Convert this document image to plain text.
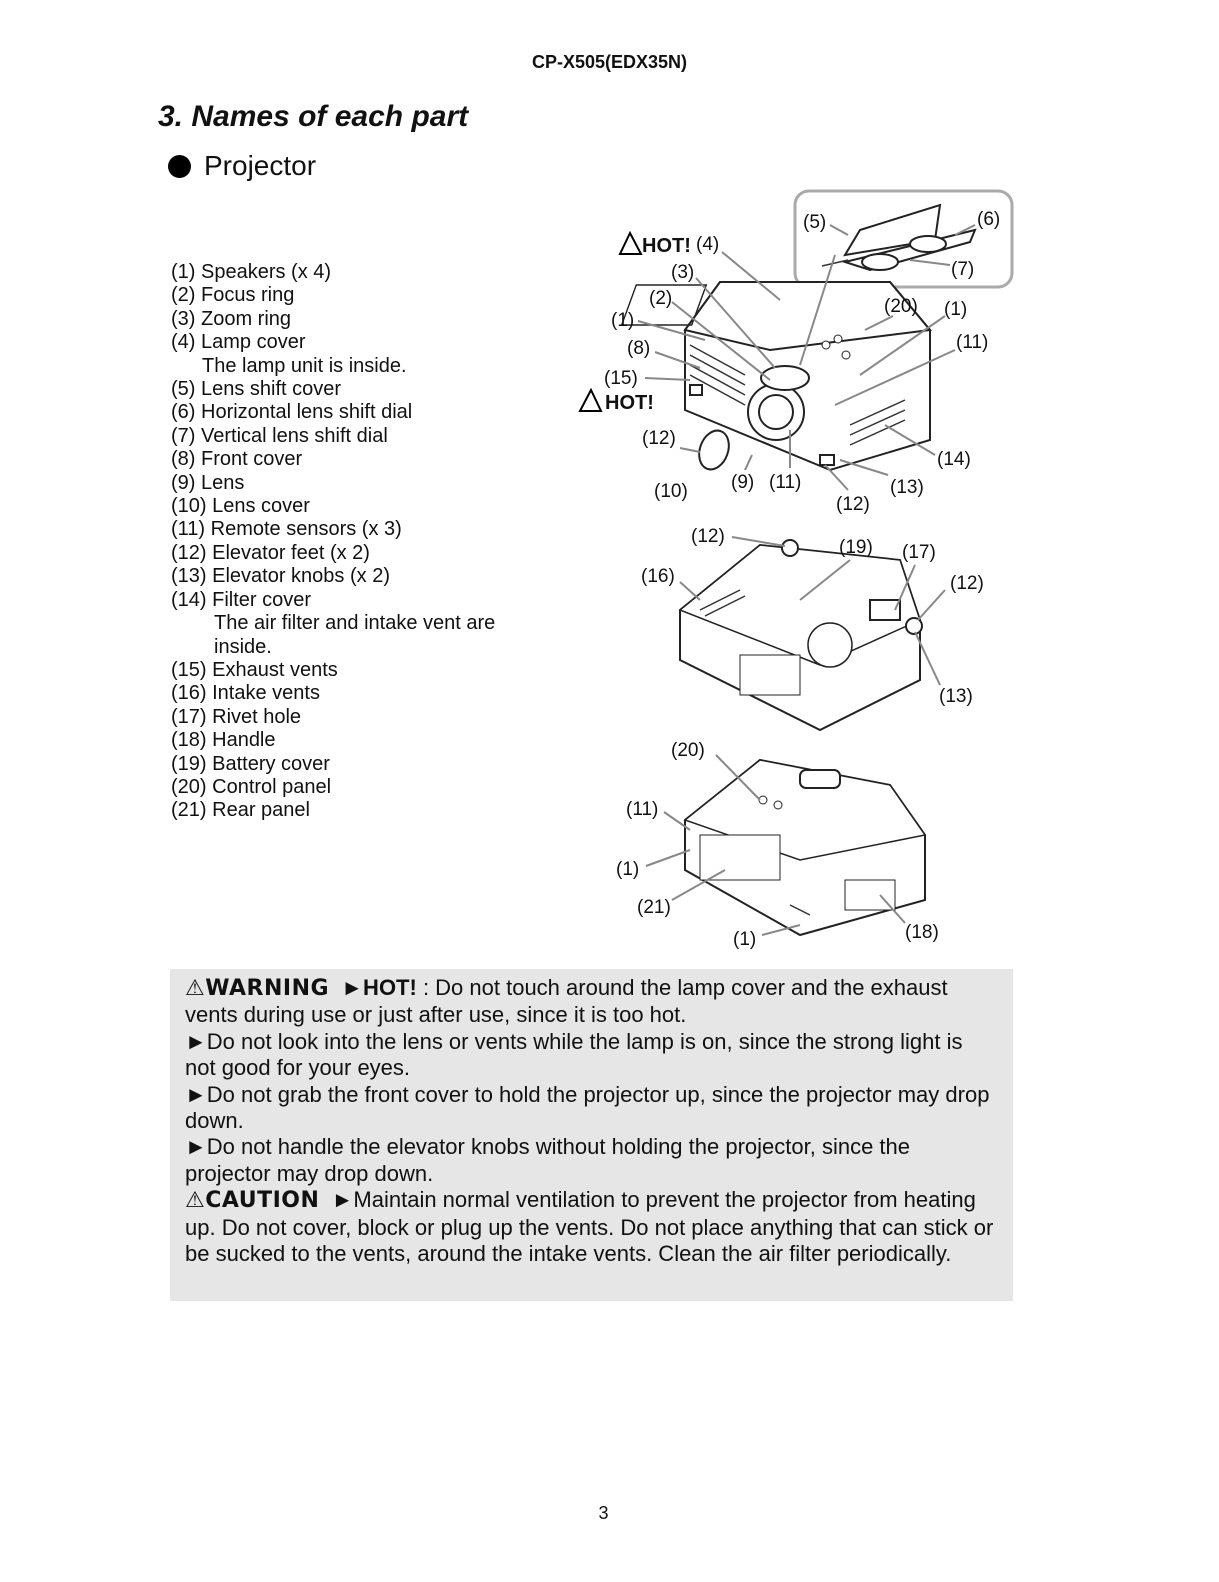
CP-X505(EDX35N)
3. Names of each part
Projector
(1) Speakers (x 4)
(2) Focus ring
(3) Zoom ring
(4) Lamp cover
The lamp unit is inside.
(5) Lens shift cover
(6) Horizontal lens shift dial
(7) Vertical lens shift dial
(8) Front cover
(9) Lens
(10) Lens cover
(11) Remote sensors (x 3)
(12) Elevator feet (x 2)
(13) Elevator knobs (x 2)
(14) Filter cover
The air filter and intake vent are
inside.
(15) Exhaust vents
(16) Intake vents
(17) Rivet hole
(18) Handle
(19) Battery cover
(20) Control panel
(21) Rear panel
HOT!
HOT!
(4)
(3)
(2)
(1)
(8)
(15)
(12)
(10) (9) (11)
(12)
(13)
(14)
(11)
(1)
(20)
(7)
(6)
(5)
(12)
(19) (17)
(12)
(16)
(13)
(20)
(11)
(1)
(21)
(1)	(18)

⚠WARNING ►HOT! : Do not touch around the lamp cover and the exhaust vents during use or just after use, since it is too hot.

►Do not look into the lens or vents while the lamp is on, since the strong light is not good for your eyes.

►Do not grab the front cover to hold the projector up, since the projector may drop down.

►Do not handle the elevator knobs without holding the projector, since the projector may drop down.

⚠CAUTION ►Maintain normal ventilation to prevent the projector from heating up. Do not cover, block or plug up the vents. Do not place anything that can stick or be sucked to the vents, around the intake vents. Clean the air filter periodically.

3
